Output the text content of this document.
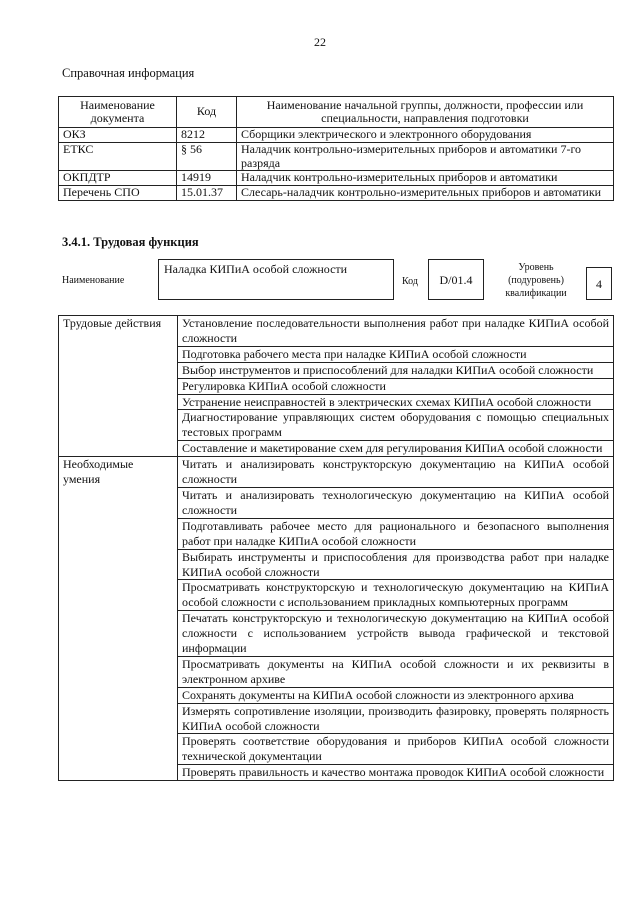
22
Справочная информация
Наименование документа	Код	Наименование начальной группы, должности, профессии или специальности, направления подготовки
ОКЗ	8212	Сборщики электрического и электронного оборудования
ЕТКС	§ 56	Наладчик контрольно-измерительных приборов и автоматики 7-го разряда
ОКПДТР	14919	Наладчик контрольно-измерительных приборов и автоматики
Перечень СПО	15.01.37	Слесарь-наладчик контрольно-измерительных приборов и автоматики
3.4.1. Трудовая функция
Наименование
Наладка КИПиА особой сложности
Код	D/01.4
Уровень (подуровень) квалификации
4
Трудовые действия	Установление последовательности выполнения работ при наладке КИПиА особой сложности
	Подготовка рабочего места при наладке КИПиА особой сложности
	Выбор инструментов и приспособлений для наладки КИПиА особой сложности
	Регулировка КИПиА особой сложности
	Устранение неисправностей в электрических схемах КИПиА особой сложности
	Диагностирование управляющих систем оборудования с помощью специальных тестовых программ
	Составление и макетирование схем для регулирования КИПиА особой сложности
Необходимые умения	Читать и анализировать конструкторскую документацию на КИПиА особой сложности
	Читать и анализировать технологическую документацию на КИПиА особой сложности
	Подготавливать рабочее место для рационального и безопасного выполнения работ при наладке КИПиА особой сложности
	Выбирать инструменты и приспособления для производства работ при наладке КИПиА особой сложности
	Просматривать конструкторскую и технологическую документацию на КИПиА особой сложности с использованием прикладных компьютерных программ
	Печатать конструкторскую и технологическую документацию на КИПиА особой сложности с использованием устройств вывода графической и текстовой информации
	Просматривать документы на КИПиА особой сложности и их реквизиты в электронном архиве
	Сохранять документы на КИПиА особой сложности из электронного архива
	Измерять сопротивление изоляции, производить фазировку, проверять полярность КИПиА особой сложности
	Проверять соответствие оборудования и приборов КИПиА особой сложности технической документации
	Проверять правильность и качество монтажа проводок КИПиА особой сложности
